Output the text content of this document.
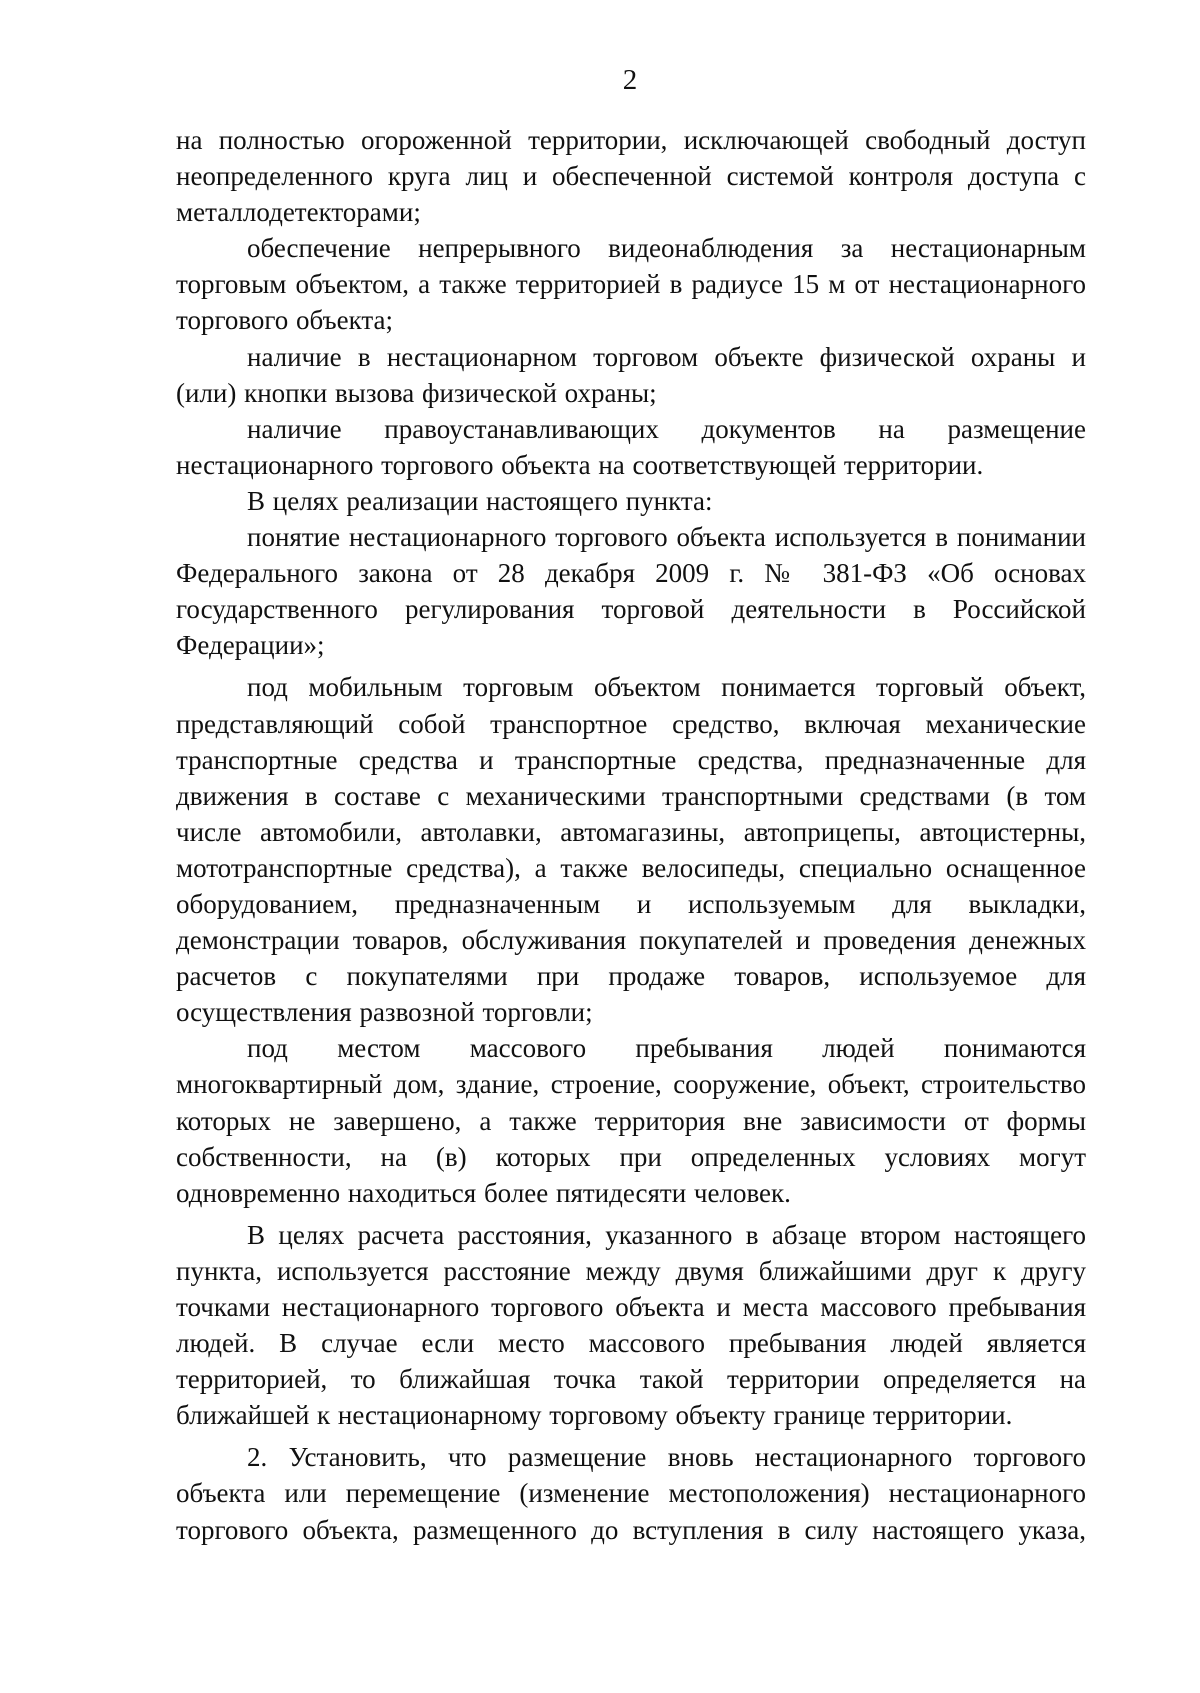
2

на полностью огороженной территории, исключающей свободный доступ неопределенного круга лиц и обеспеченной системой контроля доступа с металлодетекторами;

обеспечение непрерывного видеонаблюдения за нестационарным торговым объектом, а также территорией в радиусе 15 м от нестационарного торгового объекта;

наличие в нестационарном торговом объекте физической охраны и (или) кнопки вызова физической охраны;

наличие правоустанавливающих документов на размещение нестационарного торгового объекта на соответствующей территории.

В целях реализации настоящего пункта:

понятие нестационарного торгового объекта используется в понимании Федерального закона от 28 декабря 2009 г. № 381-ФЗ «Об основах государственного регулирования торговой деятельности в Российской Федерации»;

под мобильным торговым объектом понимается торговый объект, представляющий собой транспортное средство, включая механические транспортные средства и транспортные средства, предназначенные для движения в составе с механическими транспортными средствами (в том числе автомобили, автолавки, автомагазины, автоприцепы, автоцистерны, мототранспортные средства), а также велосипеды, специально оснащенное оборудованием, предназначенным и используемым для выкладки, демонстрации товаров, обслуживания покупателей и проведения денежных расчетов с покупателями при продаже товаров, используемое для осуществления развозной торговли;

под местом массового пребывания людей понимаются многоквартирный дом, здание, строение, сооружение, объект, строительство которых не завершено, а также территория вне зависимости от формы собственности, на (в) которых при определенных условиях могут одновременно находиться более пятидесяти человек.

В целях расчета расстояния, указанного в абзаце втором настоящего пункта, используется расстояние между двумя ближайшими друг к другу точками нестационарного торгового объекта и места массового пребывания людей. В случае если место массового пребывания людей является территорией, то ближайшая точка такой территории определяется на ближайшей к нестационарному торговому объекту границе территории.

2. Установить, что размещение вновь нестационарного торгового объекта или перемещение (изменение местоположения) нестационарного торгового объекта, размещенного до вступления в силу настоящего указа,
